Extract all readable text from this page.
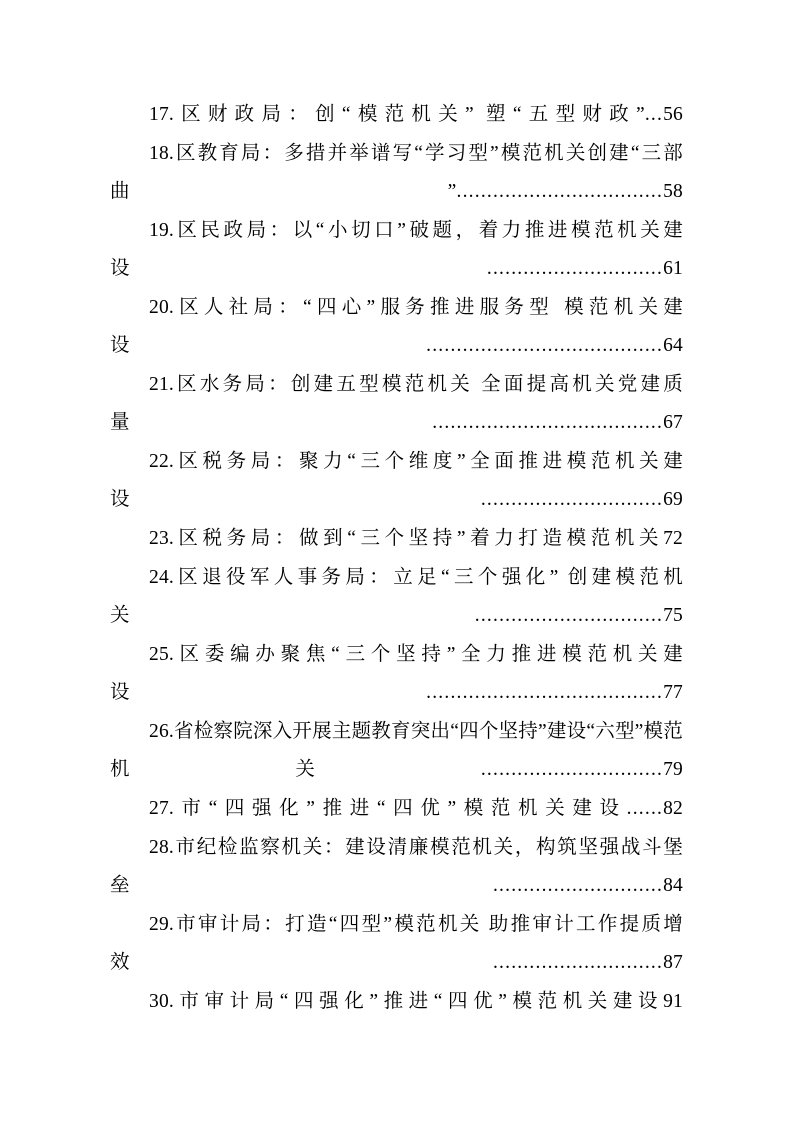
17.区财政局：创“模范机关” 塑“五型财政”...56
18.区教育局：多措并举谱写“学习型”模范机关创建“三部曲”..................................58
19.区民政局：以“小切口”破题，着力推进模范机关建设.............................61
20.区人社局：“四心”服务推进服务型 模范机关建设.......................................64
21.区水务局：创建五型模范机关 全面提高机关党建质量......................................67
22.区税务局：聚力“三个维度”全面推进模范机关建设..............................69
23.区税务局：做到“三个坚持”着力打造模范机关72
24.区退役军人事务局：立足“三个强化” 创建模范机关...............................75
25.区委编办聚焦“三个坚持”全力推进模范机关建设.......................................77
26.省检察院深入开展主题教育突出“四个坚持”建设“六型”模范机关..............................79
27.市“四强化”推进“四优”模范机关建设......82
28.市纪检监察机关：建设清廉模范机关，构筑坚强战斗堡垒............................84
29.市审计局：打造“四型”模范机关 助推审计工作提质增效............................87
30.市审计局“四强化”推进“四优”模范机关建设91
